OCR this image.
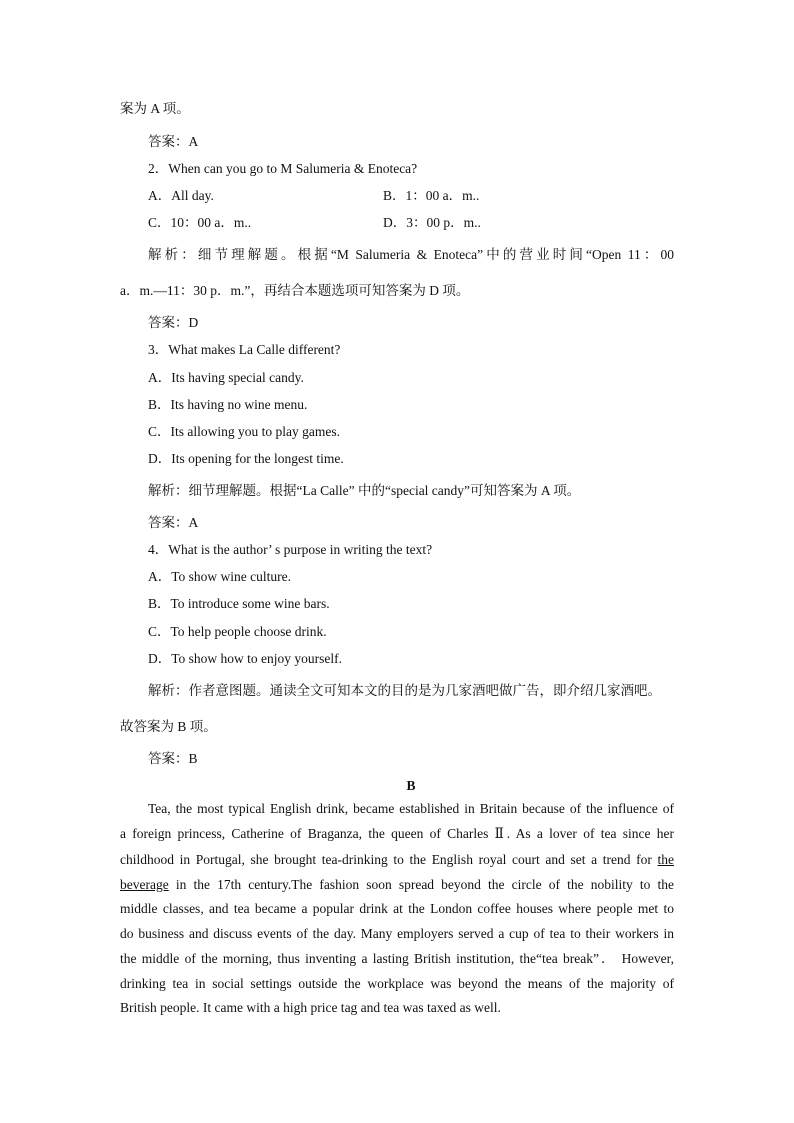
案为 A 项。
答案：A
2．When can you go to M Salumeria & Enoteca?
A．All day.	B．1：00 a．m..
C．10：00 a．m..	D．3：00 p．m..
解析：细节理解题。根据“M Salumeria & Enoteca”中的营业时间“Open 11：00
a．m.—11：30 p．m.”，再结合本题选项可知答案为 D 项。
答案：D
3．What makes La Calle different?
A．Its having special candy.
B．Its having no wine menu.
C．Its allowing you to play games.
D．Its opening for the longest time.
解析：细节理解题。根据“La Calle” 中的“special candy”可知答案为 A 项。
答案：A
4．What is the author’ s purpose in writing the text?
A．To show wine culture.
B．To introduce some wine bars.
C．To help people choose drink.
D．To show how to enjoy yourself.
解析：作者意图题。通读全文可知本文的目的是为几家酒吧做广告，即介绍几家酒吧。
故答案为 B 项。
答案：B
B
Tea, the most typical English drink, became established in Britain because of the influence of
a foreign princess, Catherine of Braganza, the queen of Charles Ⅱ. As a lover of tea since her
childhood in Portugal, she brought tea-drinking to the English royal court and set a trend for the
beverage in the 17th century.The fashion soon spread beyond the circle of the nobility to the
middle classes, and tea became a popular drink at the London coffee houses where people met to
do business and discuss events of the day. Many employers served a cup of tea to their workers in
the middle of the morning, thus inventing a lasting British institution, the“tea break”． However,
drinking tea in social settings outside the workplace was beyond the means of the majority of
British people. It came with a high price tag and tea was taxed as well.
